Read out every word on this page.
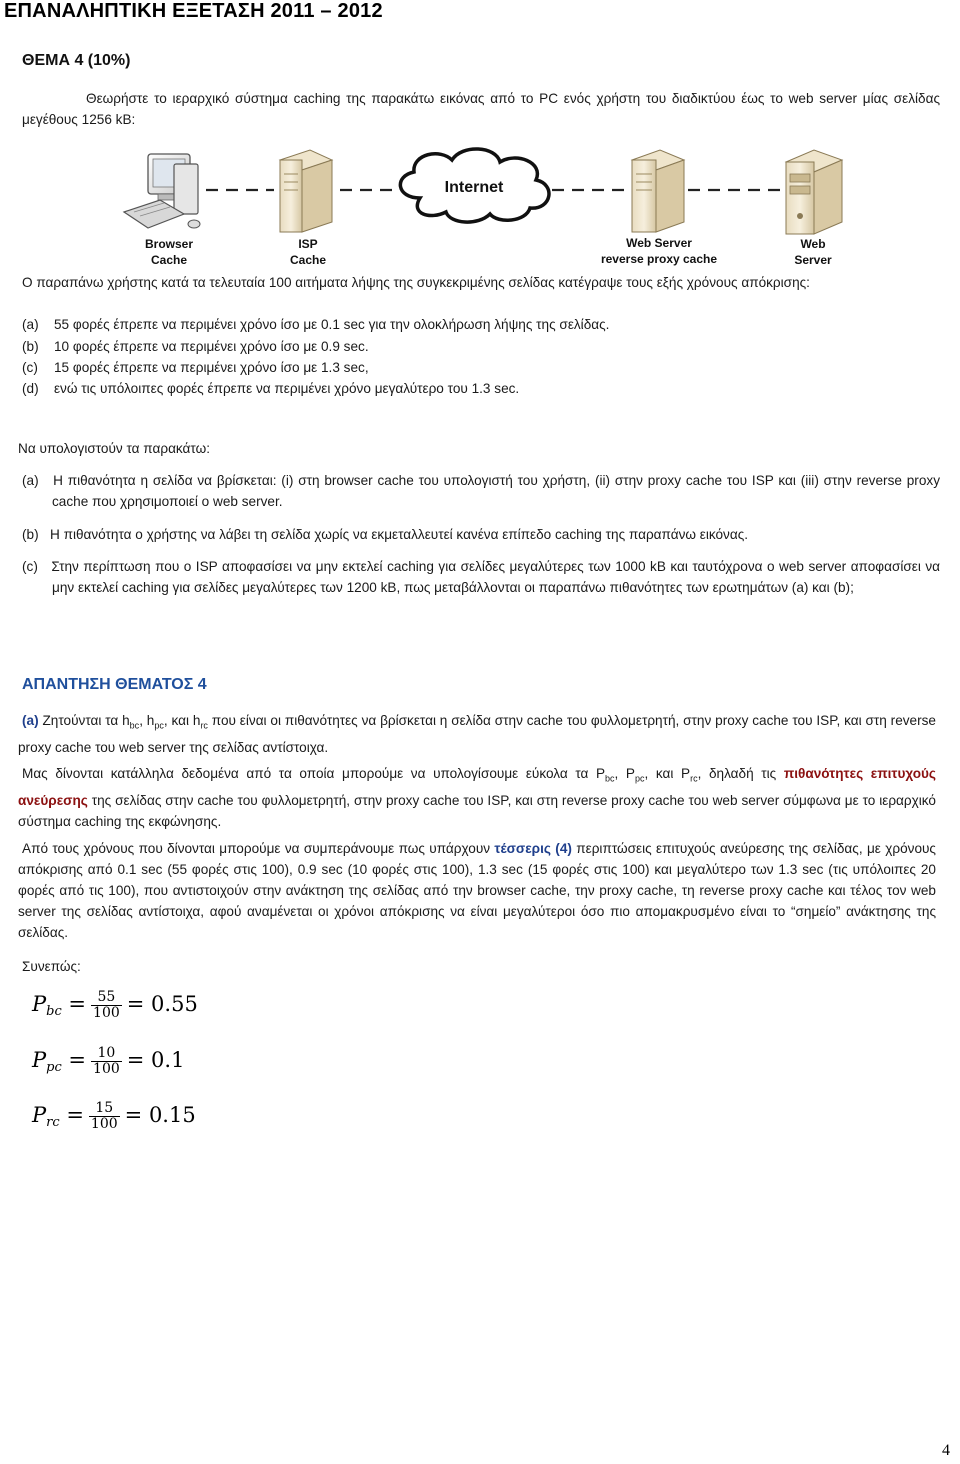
ΕΠΑΝΑΛΗΠΤΙΚΗ ΕΞΕΤΑΣΗ 2011 – 2012
ΘΕΜΑ 4 (10%)
Θεωρήστε το ιεραρχικό σύστημα caching της παρακάτω εικόνας από το PC ενός χρήστη του διαδικτύου έως το web server μίας σελίδας μεγέθους 1256 kB:
Browser
Cache
ISP
Cache
Internet
Web Server
reverse proxy cache
Web
Server
Ο παραπάνω χρήστης κατά τα τελευταία 100 αιτήματα λήψης της συγκεκριμένης σελίδας κατέγραψε τους εξής χρόνους απόκρισης:
(a) 55 φορές έπρεπε να περιμένει χρόνο ίσο με 0.1 sec για την ολοκλήρωση λήψης της σελίδας.
(b) 10 φορές έπρεπε να περιμένει χρόνο ίσο με 0.9 sec.
(c) 15 φορές έπρεπε να περιμένει χρόνο ίσο με 1.3 sec,
(d) ενώ τις υπόλοιπες φορές έπρεπε να περιμένει χρόνο μεγαλύτερο του 1.3 sec.
Να υπολογιστούν τα παρακάτω:
(a) Η πιθανότητα η σελίδα να βρίσκεται: (i) στη browser cache του υπολογιστή του χρήστη, (ii) στην proxy cache του ISP και (iii) στην reverse proxy cache που χρησιμοποιεί ο web server.
(b) Η πιθανότητα ο χρήστης να λάβει τη σελίδα χωρίς να εκμεταλλευτεί κανένα επίπεδο caching της παραπάνω εικόνας.
(c) Στην περίπτωση που ο ISP αποφασίσει να μην εκτελεί caching για σελίδες μεγαλύτερες των 1000 kB και ταυτόχρονα ο web server αποφασίσει να μην εκτελεί caching για σελίδες μεγαλύτερες των 1200 kB, πως μεταβάλλονται οι παραπάνω πιθανότητες των ερωτημάτων (a) και (b);
ΑΠΑΝΤΗΣΗ ΘΕΜΑΤΟΣ 4
(a) Ζητούνται τα $h_{bc}$, $h_{pc}$, και $h_{rc}$ που είναι οι πιθανότητες να βρίσκεται η σελίδα στην cache του φυλλομετρητή, στην proxy cache του ISP, και στη reverse proxy cache του web server της σελίδας αντίστοιχα.
Μας δίνονται κατάλληλα δεδομένα από τα οποία μπορούμε να υπολογίσουμε εύκολα τα $P_{bc}$, $P_{pc}$, και $P_{rc}$, δηλαδή τις πιθανότητες επιτυχούς ανεύρεσης της σελίδας στην cache του φυλλομετρητή, στην proxy cache του ISP, και στη reverse proxy cache του web server σύμφωνα με το ιεραρχικό σύστημα caching της εκφώνησης.
Από τους χρόνους που δίνονται μπορούμε να συμπεράνουμε πως υπάρχουν τέσσερις (4) περιπτώσεις επιτυχούς ανεύρεσης της σελίδας, με χρόνους απόκρισης από 0.1 sec (55 φορές στις 100), 0.9 sec (10 φορές στις 100), 1.3 sec (15 φορές στις 100) και μεγαλύτερο των 1.3 sec (τις υπόλοιπες 20 φορές από τις 100), που αντιστοιχούν στην ανάκτηση της σελίδας από την browser cache, την proxy cache, τη reverse proxy cache και τέλος τον web server της σελίδας αντίστοιχα, αφού αναμένεται οι χρόνοι απόκρισης να είναι μεγαλύτεροι όσο πιο απομακρυσμένο είναι το “σημείο” ανάκτησης της σελίδας.
Συνεπώς:
$P_{bc} = \frac{55}{100} = 0.55$
$P_{pc} = \frac{10}{100} = 0.1$
$P_{rc} = \frac{15}{100} = 0.15$
4
